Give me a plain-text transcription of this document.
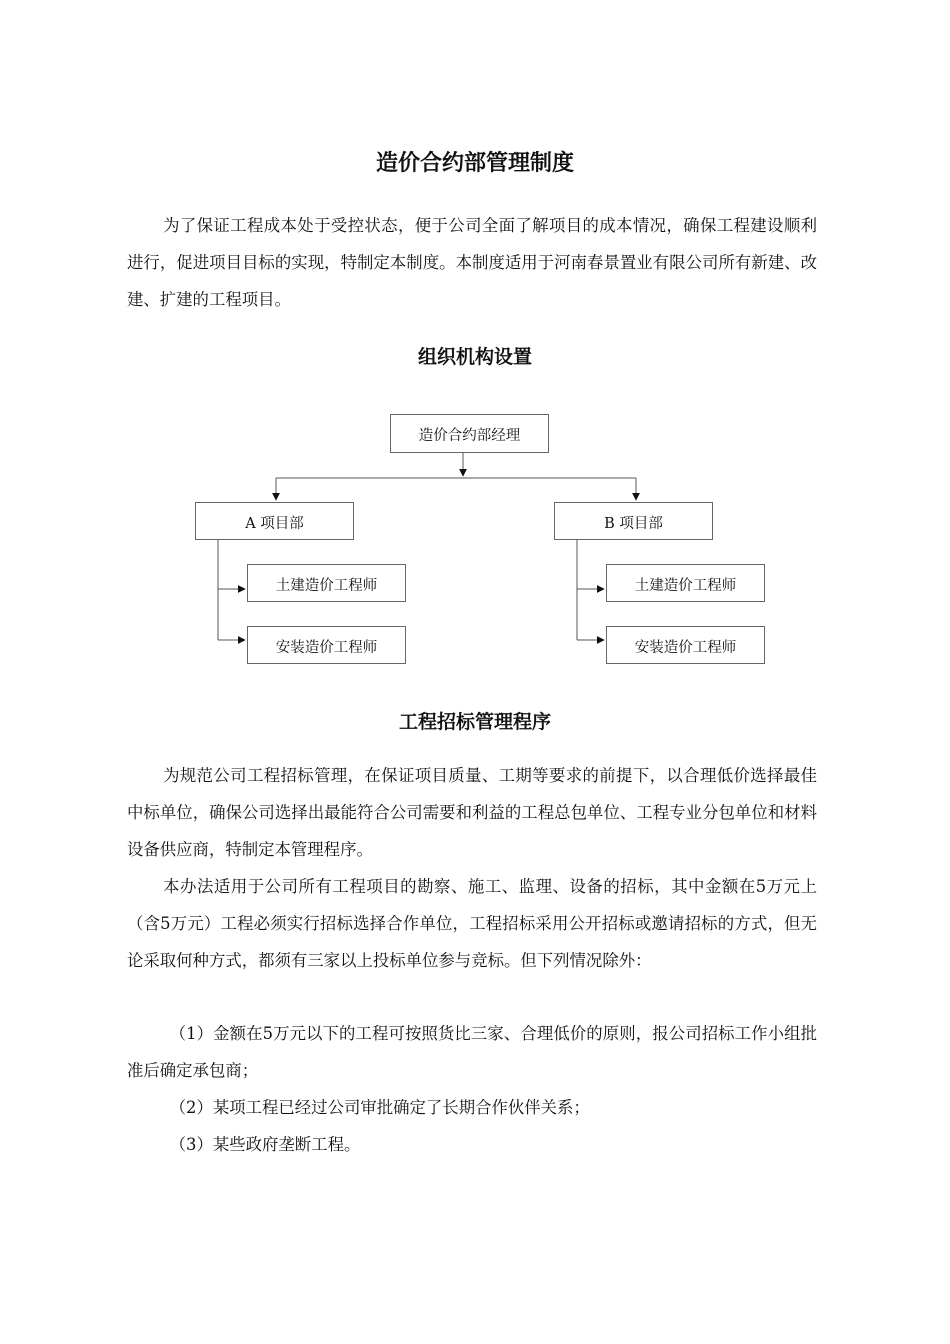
造价合约部管理制度

为了保证工程成本处于受控状态，便于公司全面了解项目的成本情况，确保工程建设顺利进行，促进项目目标的实现，特制定本制度。本制度适用于河南春景置业有限公司所有新建、改建、扩建的工程项目。

组织机构设置
造价合约部经理
A 项目部	B 项目部
土建造价工程师
安装造价工程师
土建造价工程师
安装造价工程师
工程招标管理程序

为规范公司工程招标管理，在保证项目质量、工期等要求的前提下，以合理低价选择最佳中标单位，确保公司选择出最能符合公司需要和利益的工程总包单位、工程专业分包单位和材料设备供应商，特制定本管理程序。

本办法适用于公司所有工程项目的勘察、施工、监理、设备的招标，其中金额在5万元上（含5万元）工程必须实行招标选择合作单位，工程招标采用公开招标或邀请招标的方式，但无论采取何种方式，都须有三家以上投标单位参与竞标。但下列情况除外：

（1）金额在5万元以下的工程可按照货比三家、合理低价的原则，报公司招标工作小组批准后确定承包商；

（2）某项工程已经过公司审批确定了长期合作伙伴关系；

（3）某些政府垄断工程。
